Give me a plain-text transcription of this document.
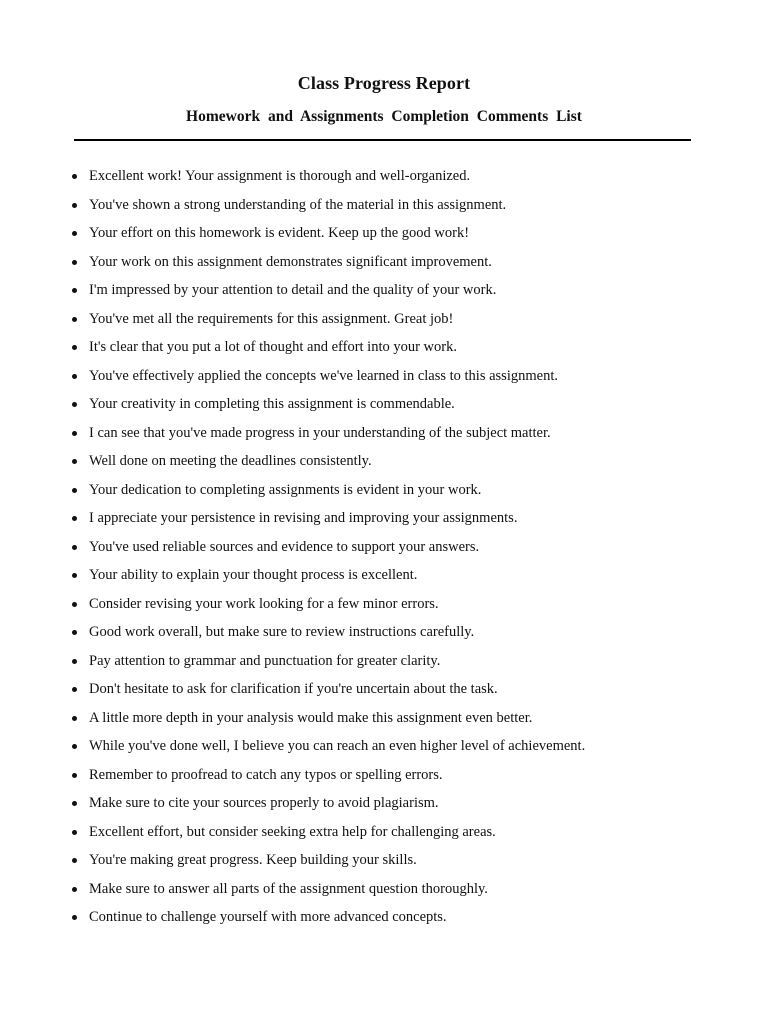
Class Progress Report
Homework and Assignments Completion Comments List
Excellent work! Your assignment is thorough and well-organized.
You've shown a strong understanding of the material in this assignment.
Your effort on this homework is evident. Keep up the good work!
Your work on this assignment demonstrates significant improvement.
I'm impressed by your attention to detail and the quality of your work.
You've met all the requirements for this assignment. Great job!
It's clear that you put a lot of thought and effort into your work.
You've effectively applied the concepts we've learned in class to this assignment.
Your creativity in completing this assignment is commendable.
I can see that you've made progress in your understanding of the subject matter.
Well done on meeting the deadlines consistently.
Your dedication to completing assignments is evident in your work.
I appreciate your persistence in revising and improving your assignments.
You've used reliable sources and evidence to support your answers.
Your ability to explain your thought process is excellent.
Consider revising your work looking for a few minor errors.
Good work overall, but make sure to review instructions carefully.
Pay attention to grammar and punctuation for greater clarity.
Don't hesitate to ask for clarification if you're uncertain about the task.
A little more depth in your analysis would make this assignment even better.
While you've done well, I believe you can reach an even higher level of achievement.
Remember to proofread to catch any typos or spelling errors.
Make sure to cite your sources properly to avoid plagiarism.
Excellent effort, but consider seeking extra help for challenging areas.
You're making great progress. Keep building your skills.
Make sure to answer all parts of the assignment question thoroughly.
Continue to challenge yourself with more advanced concepts.
